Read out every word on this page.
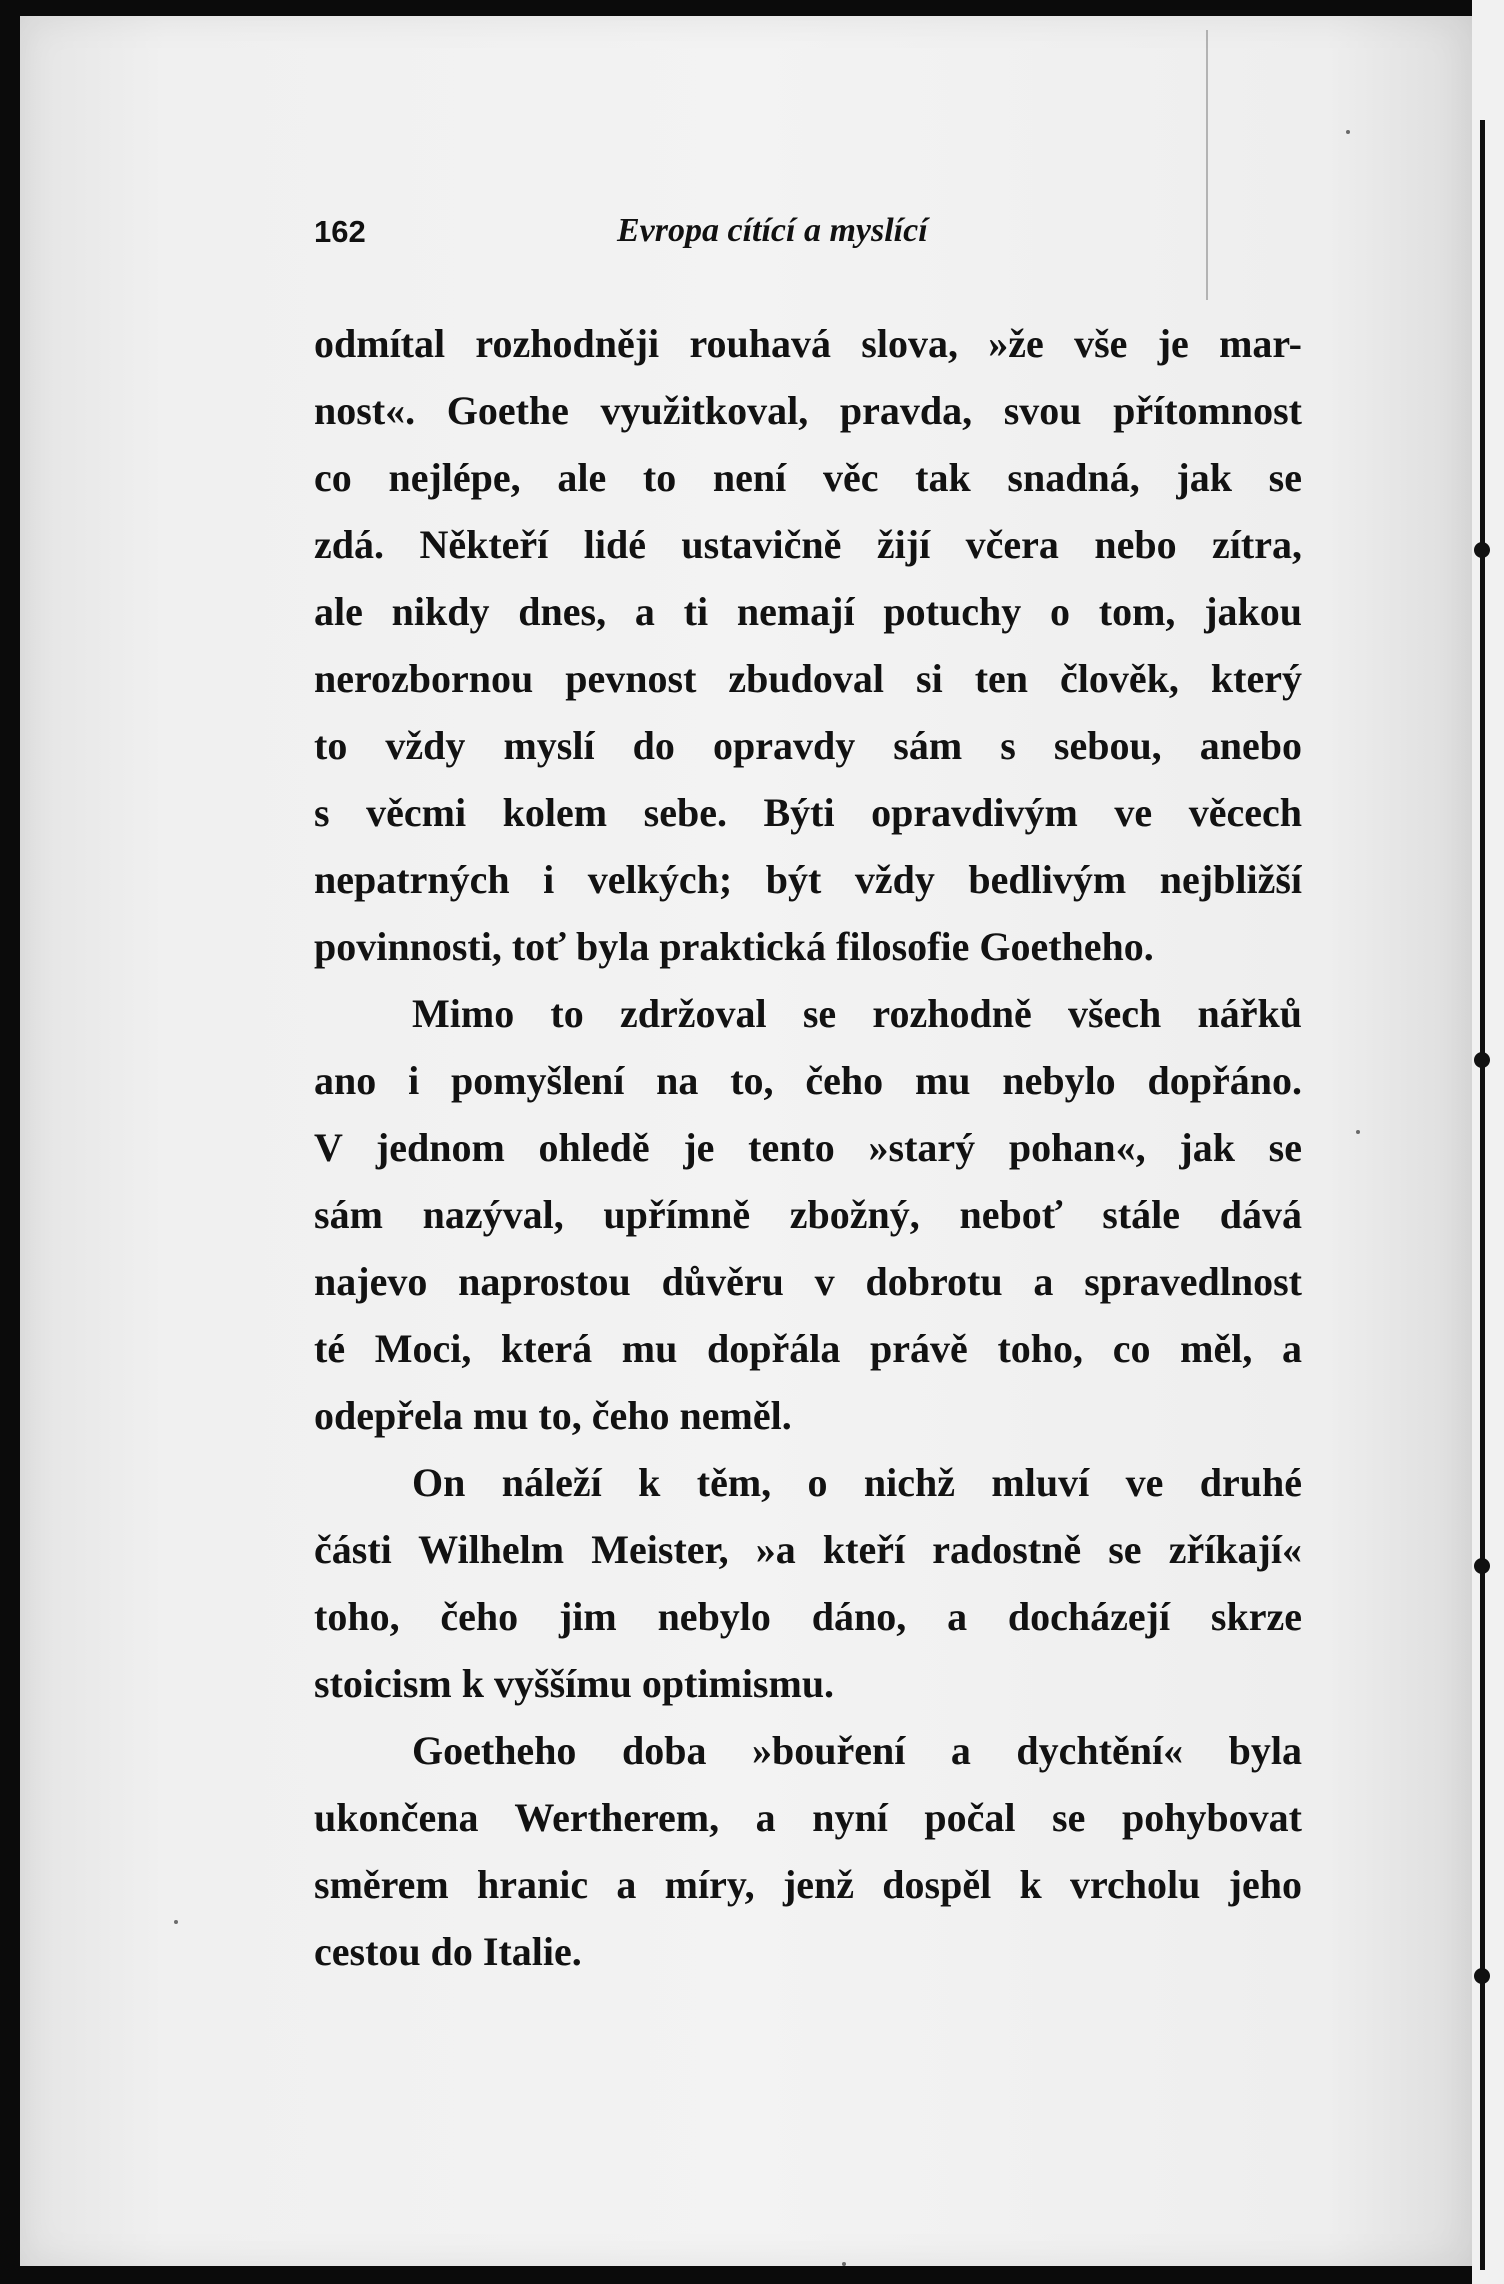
162	Evropa cítící a myslící
odmítal rozhodněji rouhavá slova, »že vše je mar-
nost«. Goethe využitkoval, pravda, svou přítomnost
co nejlépe, ale to není věc tak snadná, jak se
zdá. Někteří lidé ustavičně žijí včera nebo zítra,
ale nikdy dnes, a ti nemají potuchy o tom, jakou
nerozbornou pevnost zbudoval si ten člověk, který
to vždy myslí do opravdy sám s sebou, anebo
s věcmi kolem sebe. Býti opravdivým ve věcech
nepatrných i velkých; být vždy bedlivým nejbližší
povinnosti, toť byla praktická filosofie Goetheho.
Mimo to zdržoval se rozhodně všech nářků
ano i pomyšlení na to, čeho mu nebylo dopřáno.
V jednom ohledě je tento »starý pohan«, jak se
sám nazýval, upřímně zbožný, neboť stále dává
najevo naprostou důvěru v dobrotu a spravedlnost
té Moci, která mu dopřála právě toho, co měl, a
odepřela mu to, čeho neměl.
On náleží k těm, o nichž mluví ve druhé
části Wilhelm Meister, »a kteří radostně se zříkají«
toho, čeho jim nebylo dáno, a docházejí skrze
stoicism k vyššímu optimismu.
Goetheho doba »bouření a dychtění« byla
ukončena Wertherem, a nyní počal se pohybovat
směrem hranic a míry, jenž dospěl k vrcholu jeho
cestou do Italie.
